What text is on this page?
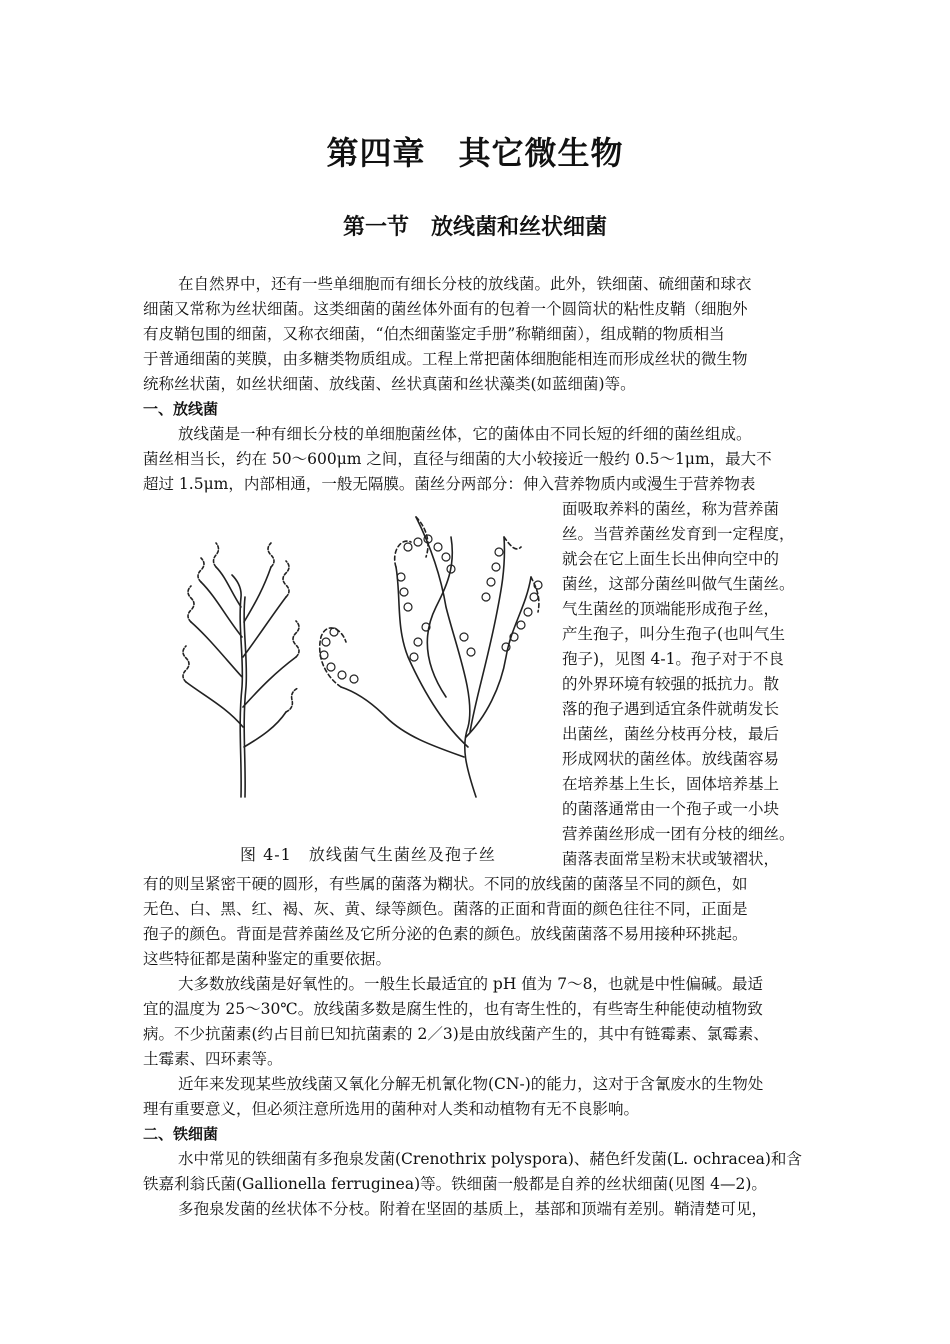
第四章　其它微生物
第一节　放线菌和丝状细菌
在自然界中，还有一些单细胞而有细长分枝的放线菌。此外，铁细菌、硫细菌和球衣
细菌又常称为丝状细菌。这类细菌的菌丝体外面有的包着一个圆筒状的粘性皮鞘（细胞外
有皮鞘包围的细菌，又称衣细菌，“伯杰细菌鉴定手册”称鞘细菌），组成鞘的物质相当
于普通细菌的荚膜，由多糖类物质组成。工程上常把菌体细胞能相连而形成丝状的微生物
统称丝状菌，如丝状细菌、放线菌、丝状真菌和丝状藻类(如蓝细菌)等。
一、放线菌
放线菌是一种有细长分枝的单细胞菌丝体，它的菌体由不同长短的纤细的菌丝组成。
菌丝相当长，约在 50～600μm 之间，直径与细菌的大小较接近一般约 0.5～1μm，最大不
超过 1.5μm，内部相通，一般无隔膜。菌丝分两部分：伸入营养物质内或漫生于营养物表
面吸取养料的菌丝，称为营养菌
丝。当营养菌丝发育到一定程度，
就会在它上面生长出伸向空中的
菌丝，这部分菌丝叫做气生菌丝。
气生菌丝的顶端能形成孢子丝，
产生孢子，叫分生孢子(也叫气生
孢子)，见图 4-1。孢子对于不良
的外界环境有较强的抵抗力。散
落的孢子遇到适宜条件就萌发长
出菌丝，菌丝分枝再分枝，最后
形成网状的菌丝体。放线菌容易
在培养基上生长，固体培养基上
的菌落通常由一个孢子或一小块
营养菌丝形成一团有分枝的细丝。
菌落表面常呈粉末状或皱褶状，
图 4-1　放线菌气生菌丝及孢子丝
有的则呈紧密干硬的圆形，有些属的菌落为糊状。不同的放线菌的菌落呈不同的颜色，如
无色、白、黑、红、褐、灰、黄、绿等颜色。菌落的正面和背面的颜色往往不同，正面是
孢子的颜色。背面是营养菌丝及它所分泌的色素的颜色。放线菌菌落不易用接种环挑起。
这些特征都是菌种鉴定的重要依据。
大多数放线菌是好氧性的。一般生长最适宜的 pH 值为 7～8，也就是中性偏碱。最适
宜的温度为 25～30℃。放线菌多数是腐生性的，也有寄生性的，有些寄生种能使动植物致
病。不少抗菌素(约占目前巳知抗菌素的 2／3)是由放线菌产生的，其中有链霉素、氯霉素、
土霉素、四环素等。
近年来发现某些放线菌又氧化分解无机氰化物(CN-)的能力，这对于含氰废水的生物处
理有重要意义，但必须注意所选用的菌种对人类和动植物有无不良影响。
二、铁细菌
水中常见的铁细菌有多孢泉发菌(Crenothrix polyspora)、赭色纤发菌(L. ochracea)和含
铁嘉利翁氏菌(Gallionella ferruginea)等。铁细菌一般都是自养的丝状细菌(见图 4—2)。
多孢泉发菌的丝状体不分枝。附着在坚固的基质上，基部和顶端有差别。鞘清楚可见，
